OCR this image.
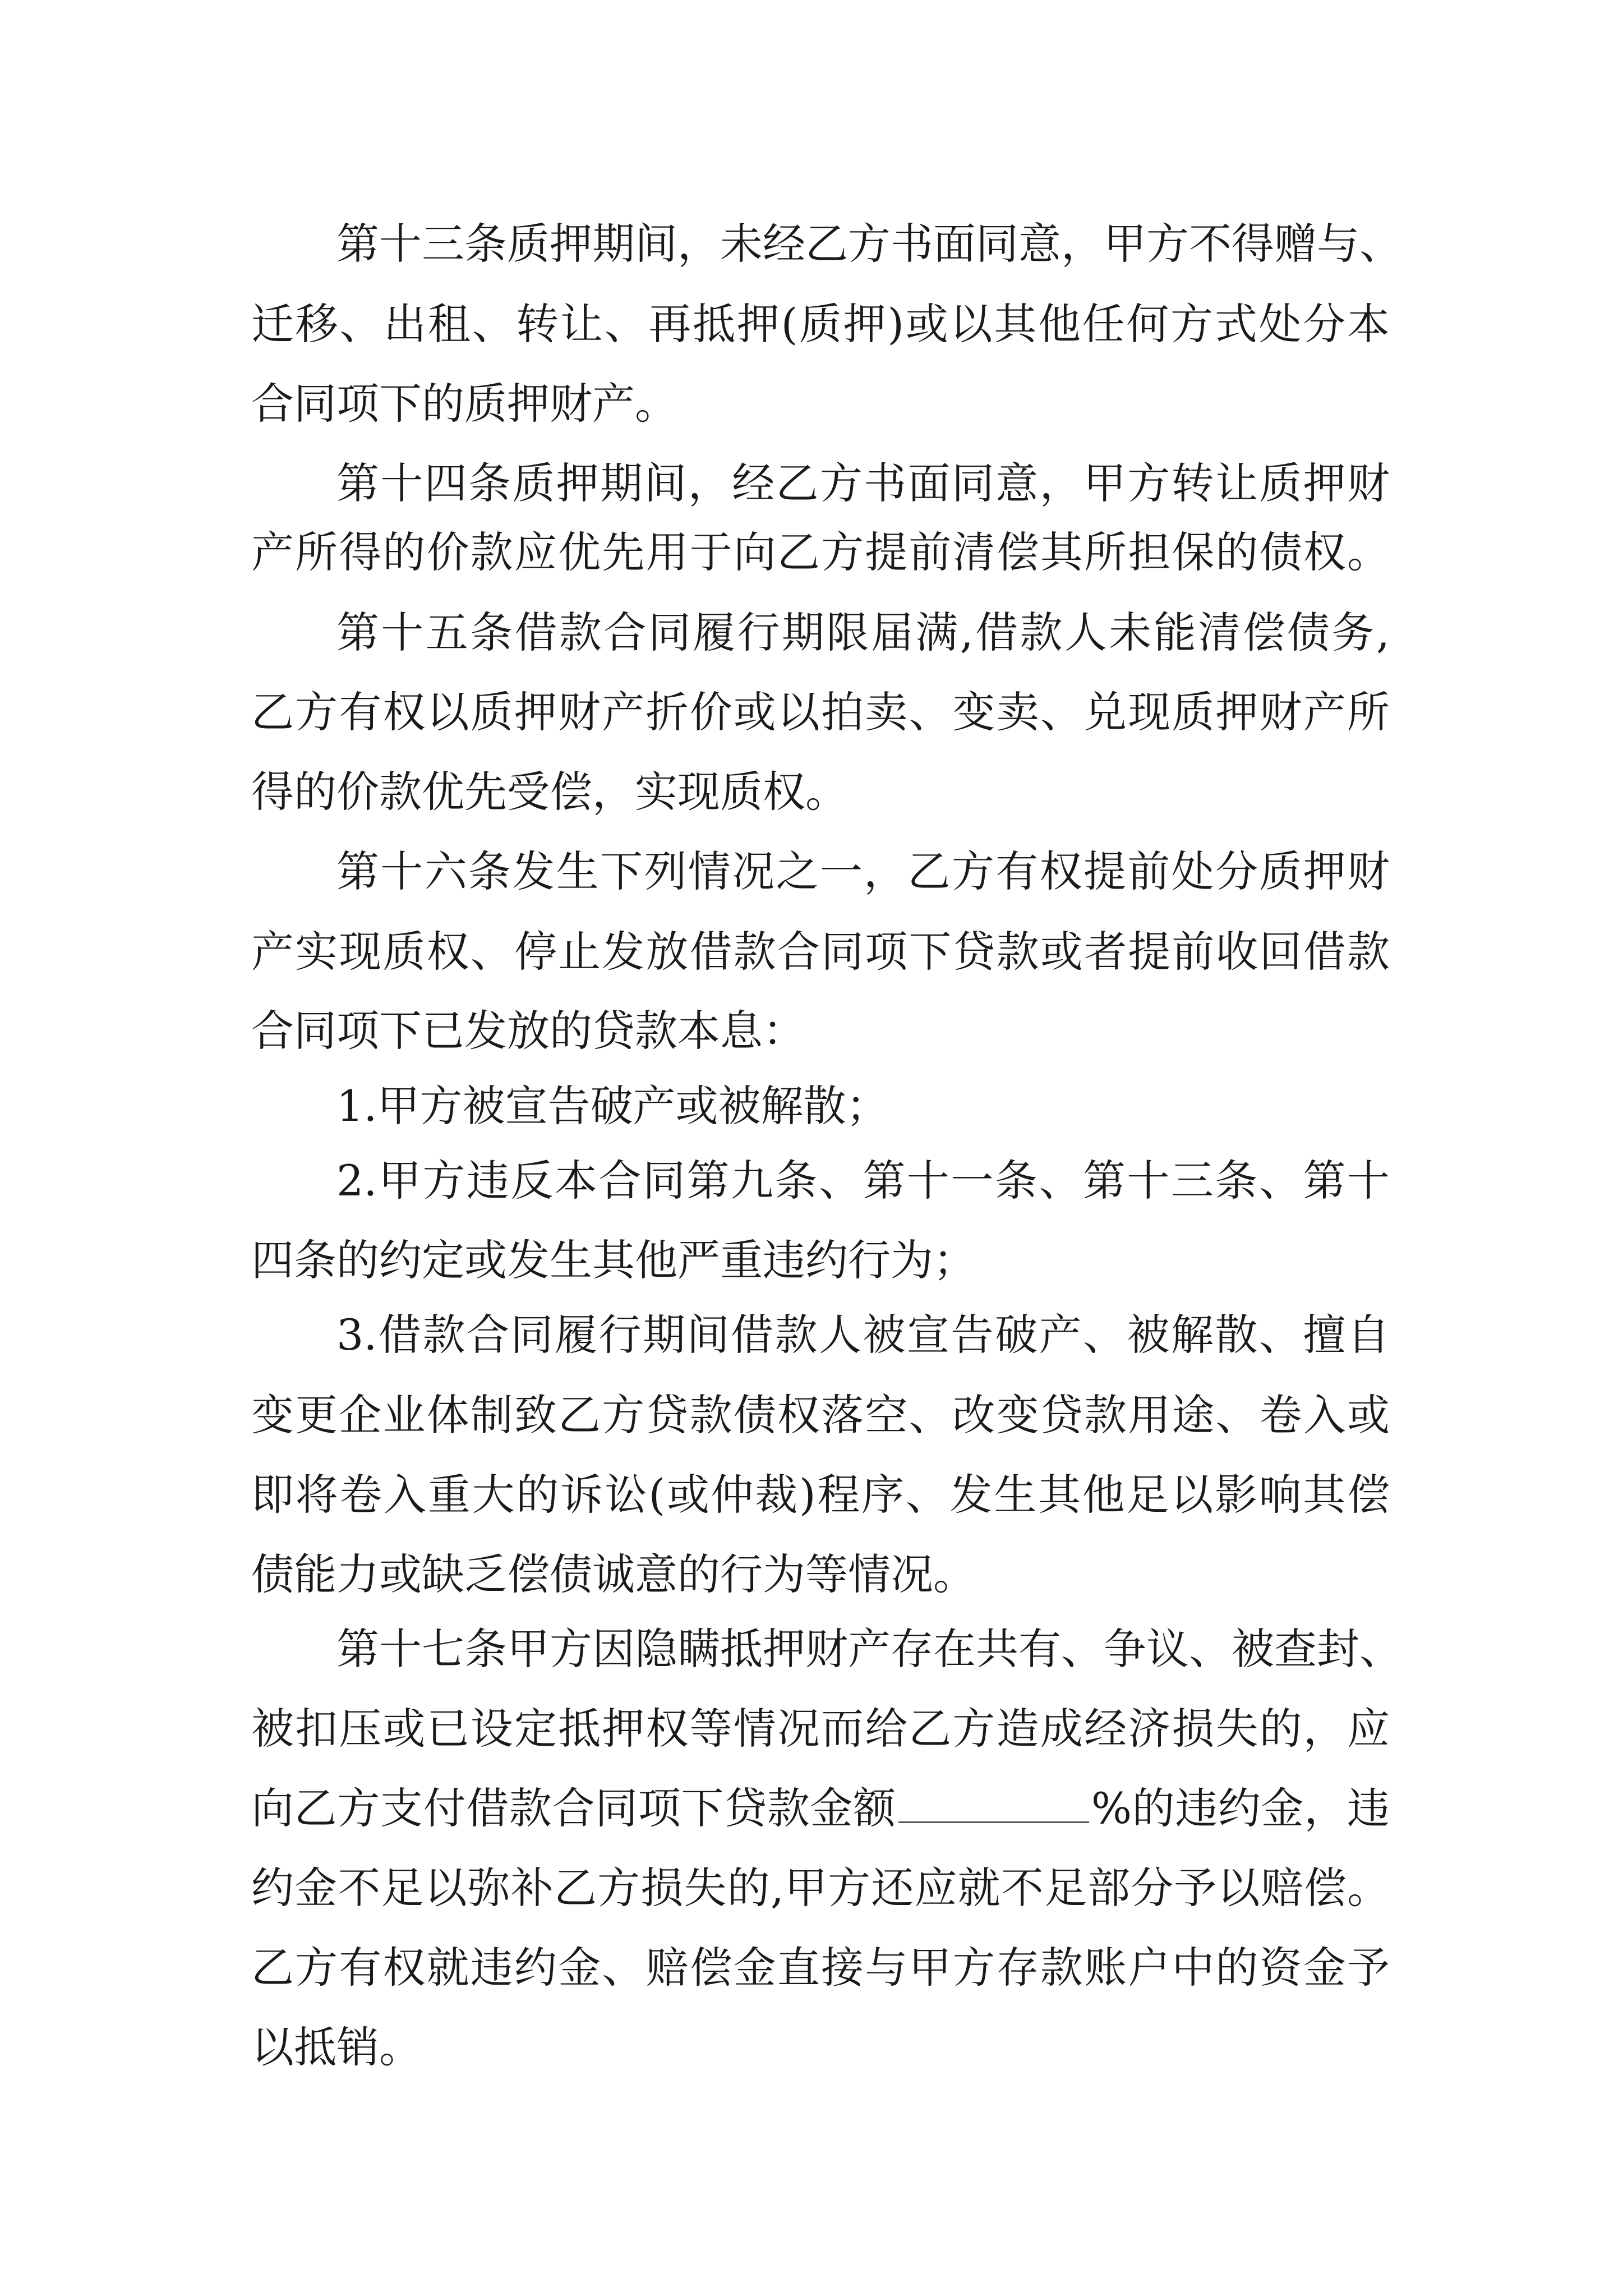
第十三条质押期间，未经乙方书面同意，甲方不得赠与、
迁移、出租、转让、再抵押(质押)或以其他任何方式处分本
合同项下的质押财产。
第十四条质押期间，经乙方书面同意，甲方转让质押财
产所得的价款应优先用于向乙方提前清偿其所担保的债权。
第十五条借款合同履行期限届满,借款人未能清偿债务,
乙方有权以质押财产折价或以拍卖、变卖、兑现质押财产所
得的价款优先受偿，实现质权。
第十六条发生下列情况之一，乙方有权提前处分质押财
产实现质权、停止发放借款合同项下贷款或者提前收回借款
合同项下已发放的贷款本息：
1.甲方被宣告破产或被解散；
2.甲方违反本合同第九条、第十一条、第十三条、第十
四条的约定或发生其他严重违约行为；
3.借款合同履行期间借款人被宣告破产、被解散、擅自
变更企业体制致乙方贷款债权落空、改变贷款用途、卷入或
即将卷入重大的诉讼(或仲裁)程序、发生其他足以影响其偿
债能力或缺乏偿债诚意的行为等情况。
第十七条甲方因隐瞒抵押财产存在共有、争议、被查封、
被扣压或已设定抵押权等情况而给乙方造成经济损失的，应
向乙方支付借款合同项下贷款金额	%的违约金，违
约金不足以弥补乙方损失的,甲方还应就不足部分予以赔偿。
乙方有权就违约金、赔偿金直接与甲方存款账户中的资金予
以抵销。
